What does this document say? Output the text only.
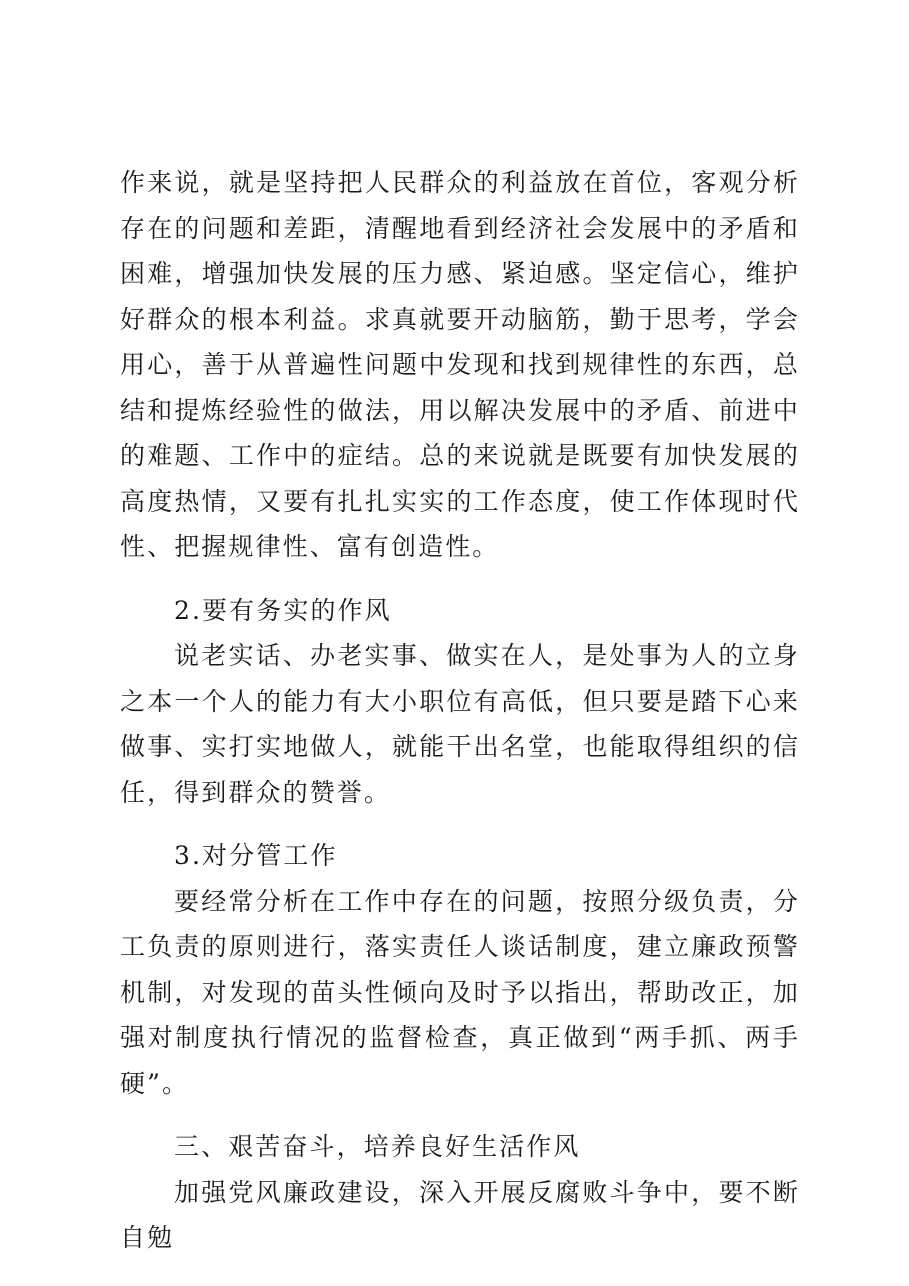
作来说，就是坚持把人民群众的利益放在首位，客观分析存在的问题和差距，清醒地看到经济社会发展中的矛盾和困难，增强加快发展的压力感、紧迫感。坚定信心，维护好群众的根本利益。求真就要开动脑筋，勤于思考，学会用心，善于从普遍性问题中发现和找到规律性的东西，总结和提炼经验性的做法，用以解决发展中的矛盾、前进中的难题、工作中的症结。总的来说就是既要有加快发展的高度热情，又要有扎扎实实的工作态度，使工作体现时代性、把握规律性、富有创造性。

2.要有务实的作风

说老实话、办老实事、做实在人，是处事为人的立身之本一个人的能力有大小职位有高低，但只要是踏下心来做事、实打实地做人，就能干出名堂，也能取得组织的信任，得到群众的赞誉。

3.对分管工作

要经常分析在工作中存在的问题，按照分级负责，分工负责的原则进行，落实责任人谈话制度，建立廉政预警机制，对发现的苗头性倾向及时予以指出，帮助改正，加强对制度执行情况的监督检查，真正做到“两手抓、两手硬”。

三、艰苦奋斗，培养良好生活作风

加强党风廉政建设，深入开展反腐败斗争中，要不断自勉
